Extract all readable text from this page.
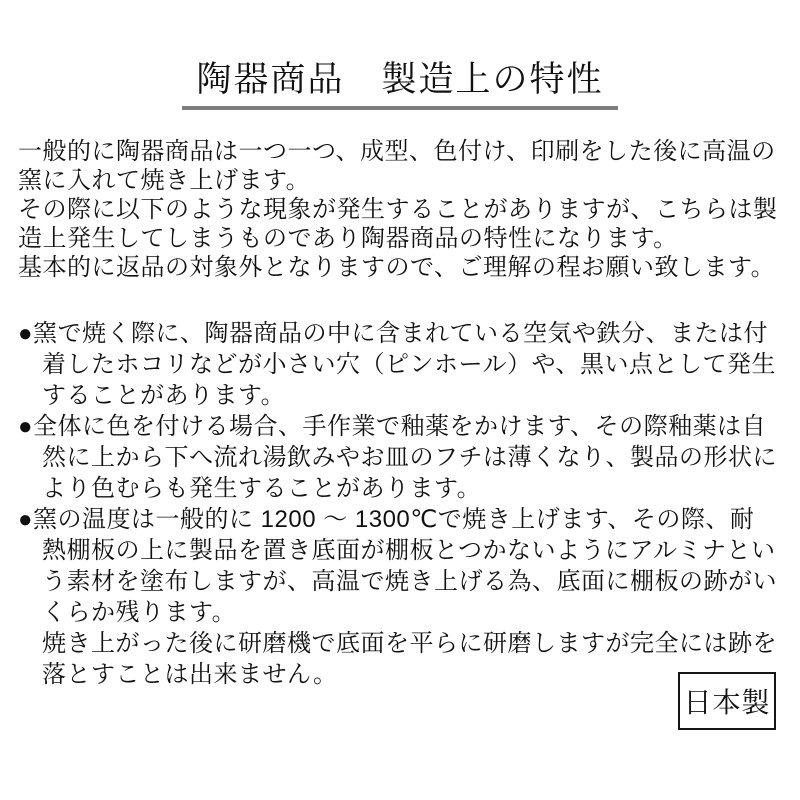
陶器商品　製造上の特性
一般的に陶器商品は一つ一つ、成型、色付け、印刷をした後に高温の
窯に入れて焼き上げます。
その際に以下のような現象が発生することがありますが、こちらは製
造上発生してしまうものであり陶器商品の特性になります。
基本的に返品の対象外となりますので、ご理解の程お願い致します。
●窯で焼く際に、陶器商品の中に含まれている空気や鉄分、または付
着したホコリなどが小さい穴（ピンホール）や、黒い点として発生
することがあります。
●全体に色を付ける場合、手作業で釉薬をかけます、その際釉薬は自
然に上から下へ流れ湯飲みやお皿のフチは薄くなり、製品の形状に
より色むらも発生することがあります。
●窯の温度は一般的に 1200 ～ 1300℃で焼き上げます、その際、耐
熱棚板の上に製品を置き底面が棚板とつかないようにアルミナとい
う素材を塗布しますが、高温で焼き上げる為、底面に棚板の跡がい
くらか残ります。
焼き上がった後に研磨機で底面を平らに研磨しますが完全には跡を
落とすことは出来ません。
日本製
